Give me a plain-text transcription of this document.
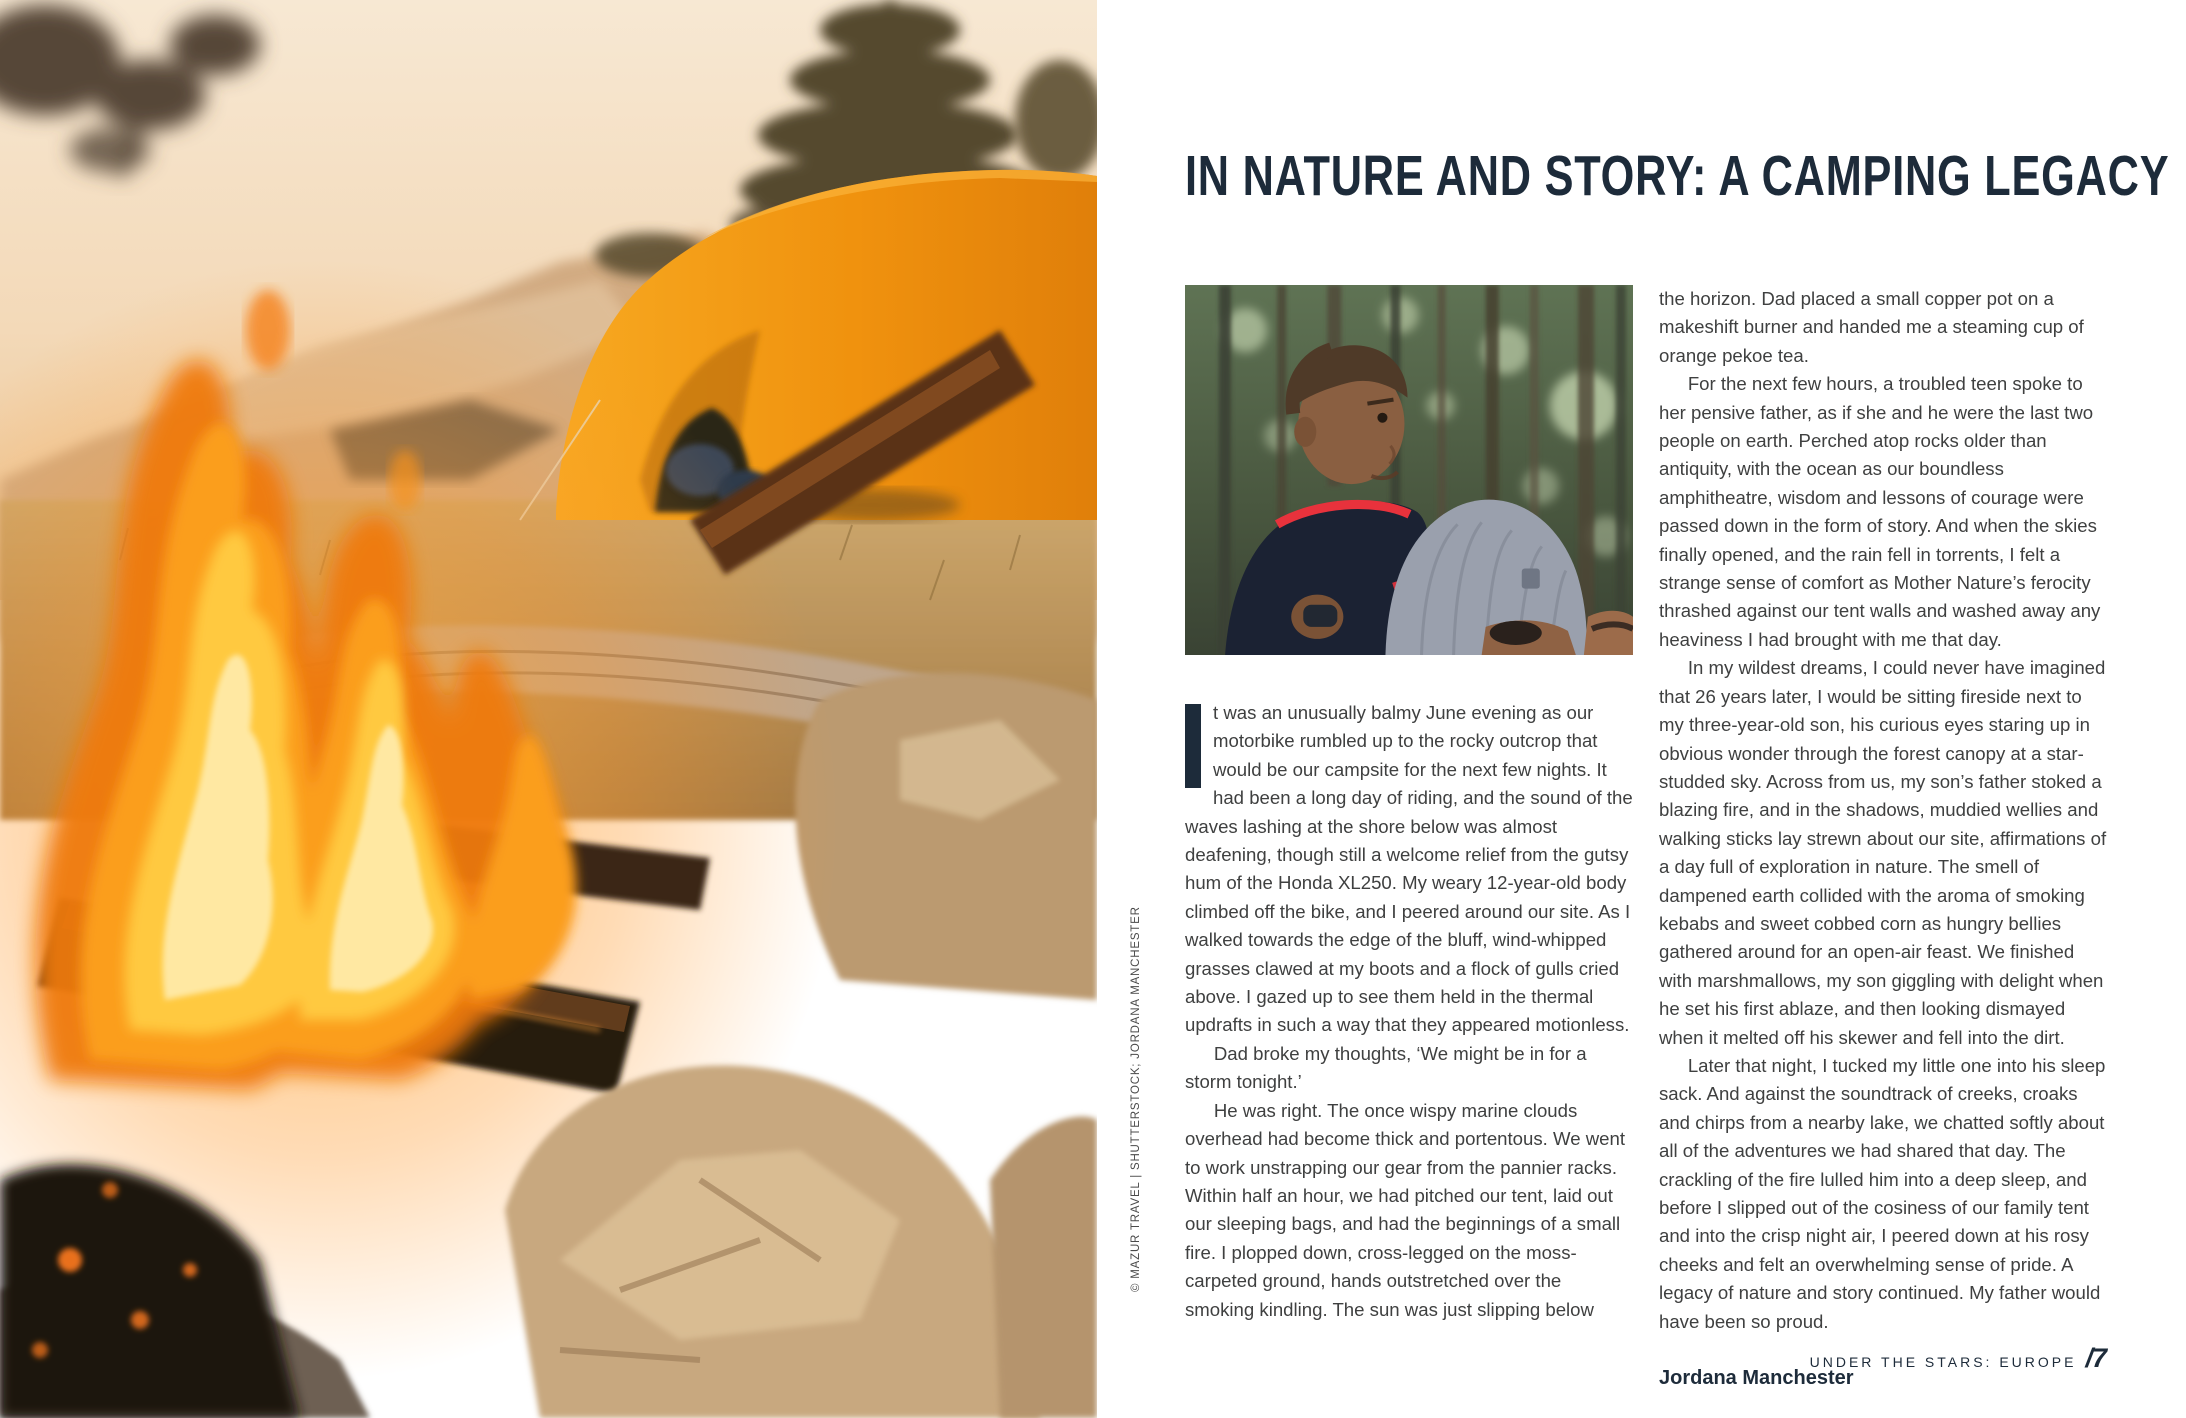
IN NATURE AND STORY: A CAMPING LEGACY

t was an unusually balmy June evening as our motorbike rumbled up to the rocky outcrop that would be our campsite for the next few nights. It had been a long day of riding, and the sound of the waves lashing at the shore below was almost deafening, though still a welcome relief from the gutsy hum of the Honda XL250. My weary 12-year-old body climbed off the bike, and I peered around our site. As I walked towards the edge of the bluff, wind-whipped grasses clawed at my boots and a flock of gulls cried above. I gazed up to see them held in the thermal updrafts in such a way that they appeared motionless.

Dad broke my thoughts, ‘We might be in for a storm tonight.’

He was right. The once wispy marine clouds overhead had become thick and portentous. We went to work unstrapping our gear from the pannier racks. Within half an hour, we had pitched our tent, laid out our sleeping bags, and had the beginnings of a small fire. I plopped down, cross-legged on the moss-carpeted ground, hands outstretched over the smoking kindling. The sun was just slipping below

the horizon. Dad placed a small copper pot on a makeshift burner and handed me a steaming cup of orange pekoe tea.

For the next few hours, a troubled teen spoke to her pensive father, as if she and he were the last two people on earth. Perched atop rocks older than antiquity, with the ocean as our boundless amphitheatre, wisdom and lessons of courage were passed down in the form of story. And when the skies finally opened, and the rain fell in torrents, I felt a strange sense of comfort as Mother Nature’s ferocity thrashed against our tent walls and washed away any heaviness I had brought with me that day.

In my wildest dreams, I could never have imagined that 26 years later, I would be sitting fireside next to my three-year-old son, his curious eyes staring up in obvious wonder through the forest canopy at a star-studded sky. Across from us, my son’s father stoked a blazing fire, and in the shadows, muddied wellies and walking sticks lay strewn about our site, affirmations of a day full of exploration in nature. The smell of dampened earth collided with the aroma of smoking kebabs and sweet cobbed corn as hungry bellies gathered around for an open-air feast. We finished with marshmallows, my son giggling with delight when he set his first ablaze, and then looking dismayed when it melted off his skewer and fell into the dirt.

Later that night, I tucked my little one into his sleep sack. And against the soundtrack of creeks, croaks and chirps from a nearby lake, we chatted softly about all of the adventures we had shared that day. The crackling of the fire lulled him into a deep sleep, and before I slipped out of the cosiness of our family tent and into the crisp night air, I peered down at his rosy cheeks and felt an overwhelming sense of pride. A legacy of nature and story continued. My father would have been so proud.

Jordana Manchester
© MAZUR TRAVEL | SHUTTERSTOCK; JORDANA MANCHESTER
UNDER THE STARS: EUROPE /7
